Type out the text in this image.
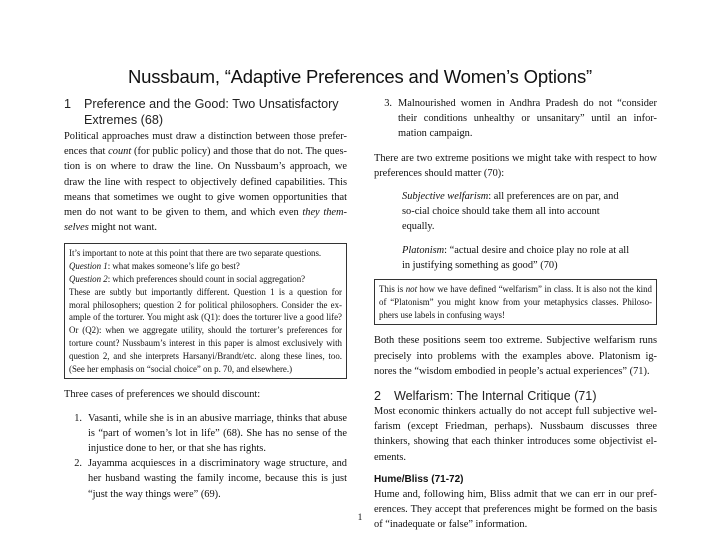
Nussbaum, “Adaptive Preferences and Women’s Options”
1	Preference and the Good: Two Unsatisfactory Extremes (68)

Political approaches must draw a distinction between those prefer-ences that count (for public policy) and those that do not. The ques-tion is on where to draw the line. On Nussbaum’s approach, we draw the line with respect to objectively defined capabilities. This means that sometimes we ought to give women opportunities that men do not want to be given to them, and which even they them-selves might not want.

It’s important to note at this point that there are two separate questions.
Question 1: what makes someone’s life go best?
Question 2: which preferences should count in social aggregation?
These are subtly but importantly different. Question 1 is a question for moral philosophers; question 2 for political philosophers. Consider the ex-ample of the torturer. You might ask (Q1): does the torturer live a good life? Or (Q2): when we aggregate utility, should the torturer’s preferences for torture count? Nussbaum’s interest in this paper is almost exclusively with question 2, and she interprets Harsanyi/Brandt/etc. along these lines, too. (See her emphasis on “social choice” on p. 70, and elsewhere.)

Three cases of preferences we should discount:

1. Vasanti, while she is in an abusive marriage, thinks that abuse is “part of women’s lot in life” (68). She has no sense of the injustice done to her, or that she has rights.
2. Jayamma acquiesces in a discriminatory wage structure, and her husband wasting the family income, because this is just “just the way things were” (69).
3. Malnourished women in Andhra Pradesh do not “consider their conditions unhealthy or unsanitary” until an infor-mation campaign.

There are two extreme positions we might take with respect to how preferences should matter (70):

Subjective welfarism: all preferences are on par, and so-cial choice should take them all into account equally.

Platonism: “actual desire and choice play no role at all in justifying something as good” (70)

This is not how we have defined “welfarism” in class. It is also not the kind of “Platonism” you might know from your metaphysics classes. Philoso-phers use labels in confusing ways!

Both these positions seem too extreme. Subjective welfarism runs precisely into problems with the examples above. Platonism ig-nores the “wisdom embodied in people’s actual experiences” (71).

2	Welfarism: The Internal Critique (71)

Most economic thinkers actually do not accept full subjective wel-farism (except Friedman, perhaps). Nussbaum discusses three thinkers, showing that each thinker introduces some objectivist el-ements.

Hume/Bliss (71-72)

Hume and, following him, Bliss admit that we can err in our pref-erences. They accept that preferences might be formed on the basis of “inadequate or false” information.

1
